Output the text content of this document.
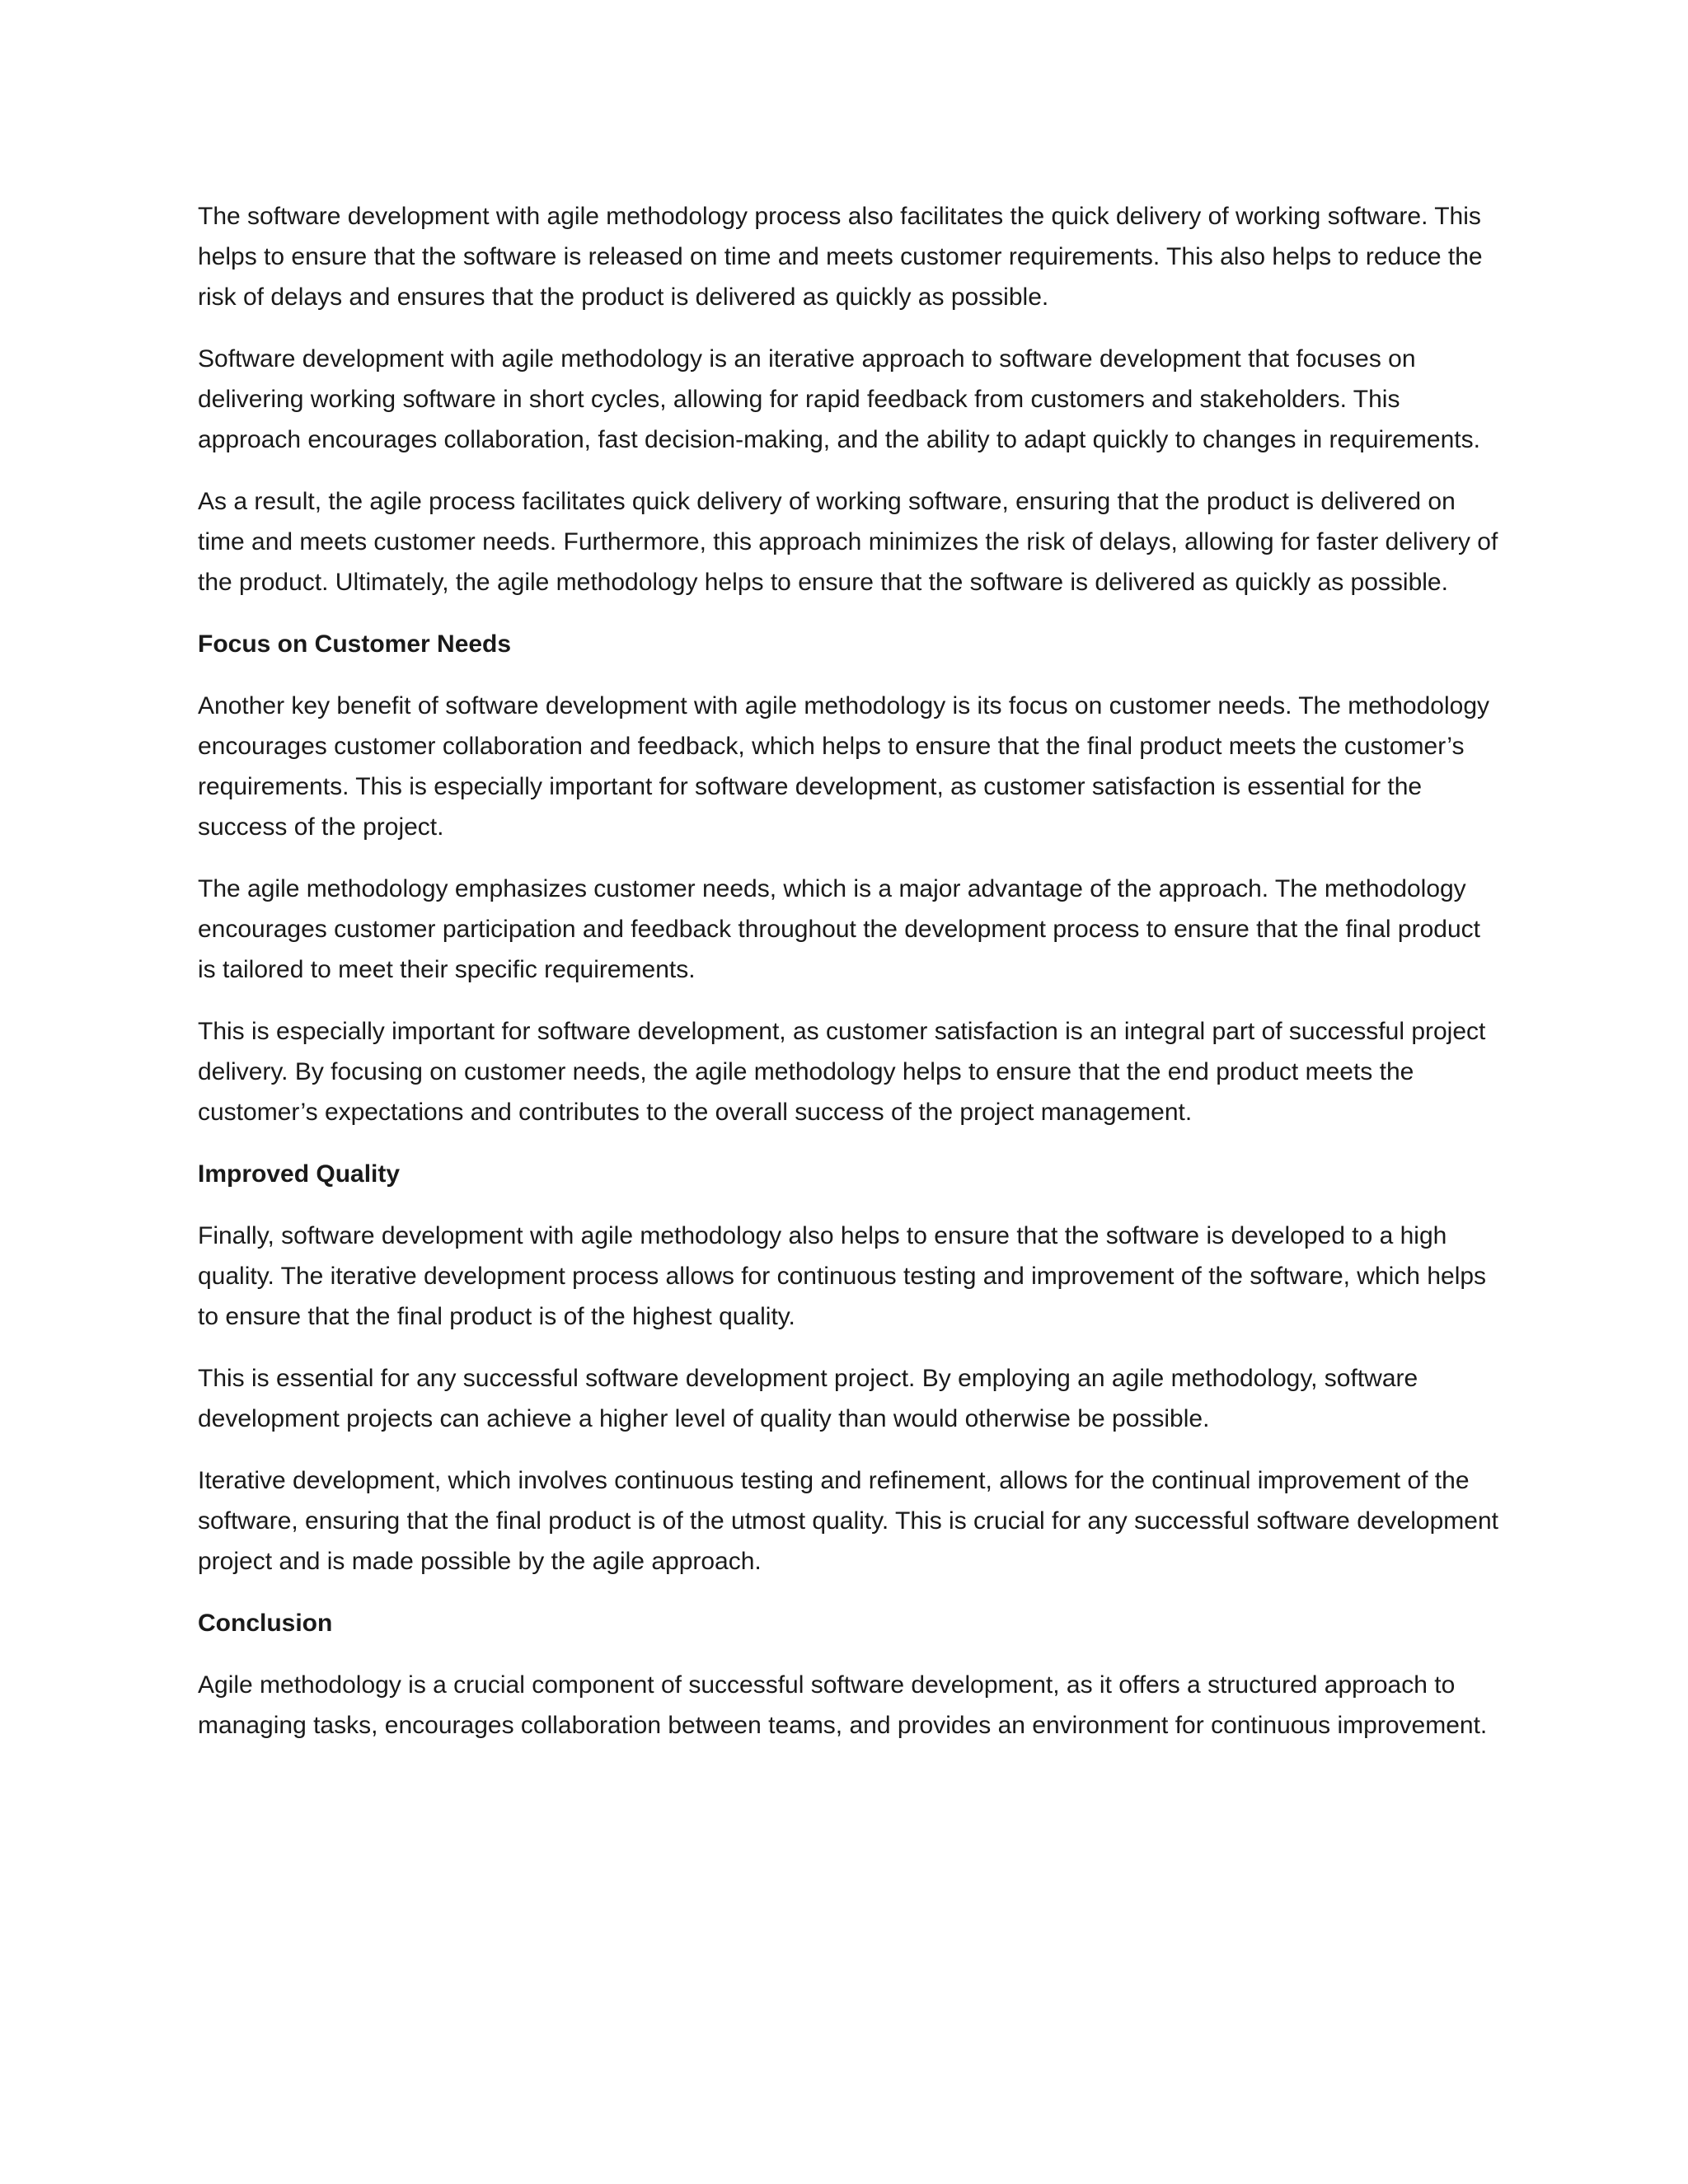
The software development with agile methodology process also facilitates the quick delivery of working software. This helps to ensure that the software is released on time and meets customer requirements. This also helps to reduce the risk of delays and ensures that the product is delivered as quickly as possible.

Software development with agile methodology is an iterative approach to software development that focuses on delivering working software in short cycles, allowing for rapid feedback from customers and stakeholders. This approach encourages collaboration, fast decision-making, and the ability to adapt quickly to changes in requirements.

As a result, the agile process facilitates quick delivery of working software, ensuring that the product is delivered on time and meets customer needs. Furthermore, this approach minimizes the risk of delays, allowing for faster delivery of the product. Ultimately, the agile methodology helps to ensure that the software is delivered as quickly as possible.

Focus on Customer Needs

Another key benefit of software development with agile methodology is its focus on customer needs. The methodology encourages customer collaboration and feedback, which helps to ensure that the final product meets the customer’s requirements. This is especially important for software development, as customer satisfaction is essential for the success of the project.

The agile methodology emphasizes customer needs, which is a major advantage of the approach. The methodology encourages customer participation and feedback throughout the development process to ensure that the final product is tailored to meet their specific requirements.

This is especially important for software development, as customer satisfaction is an integral part of successful project delivery. By focusing on customer needs, the agile methodology helps to ensure that the end product meets the customer’s expectations and contributes to the overall success of the project management.

Improved Quality

Finally, software development with agile methodology also helps to ensure that the software is developed to a high quality. The iterative development process allows for continuous testing and improvement of the software, which helps to ensure that the final product is of the highest quality.

This is essential for any successful software development project. By employing an agile methodology, software development projects can achieve a higher level of quality than would otherwise be possible.

Iterative development, which involves continuous testing and refinement, allows for the continual improvement of the software, ensuring that the final product is of the utmost quality. This is crucial for any successful software development project and is made possible by the agile approach.

Conclusion

Agile methodology is a crucial component of successful software development, as it offers a structured approach to managing tasks, encourages collaboration between teams, and provides an environment for continuous improvement.
